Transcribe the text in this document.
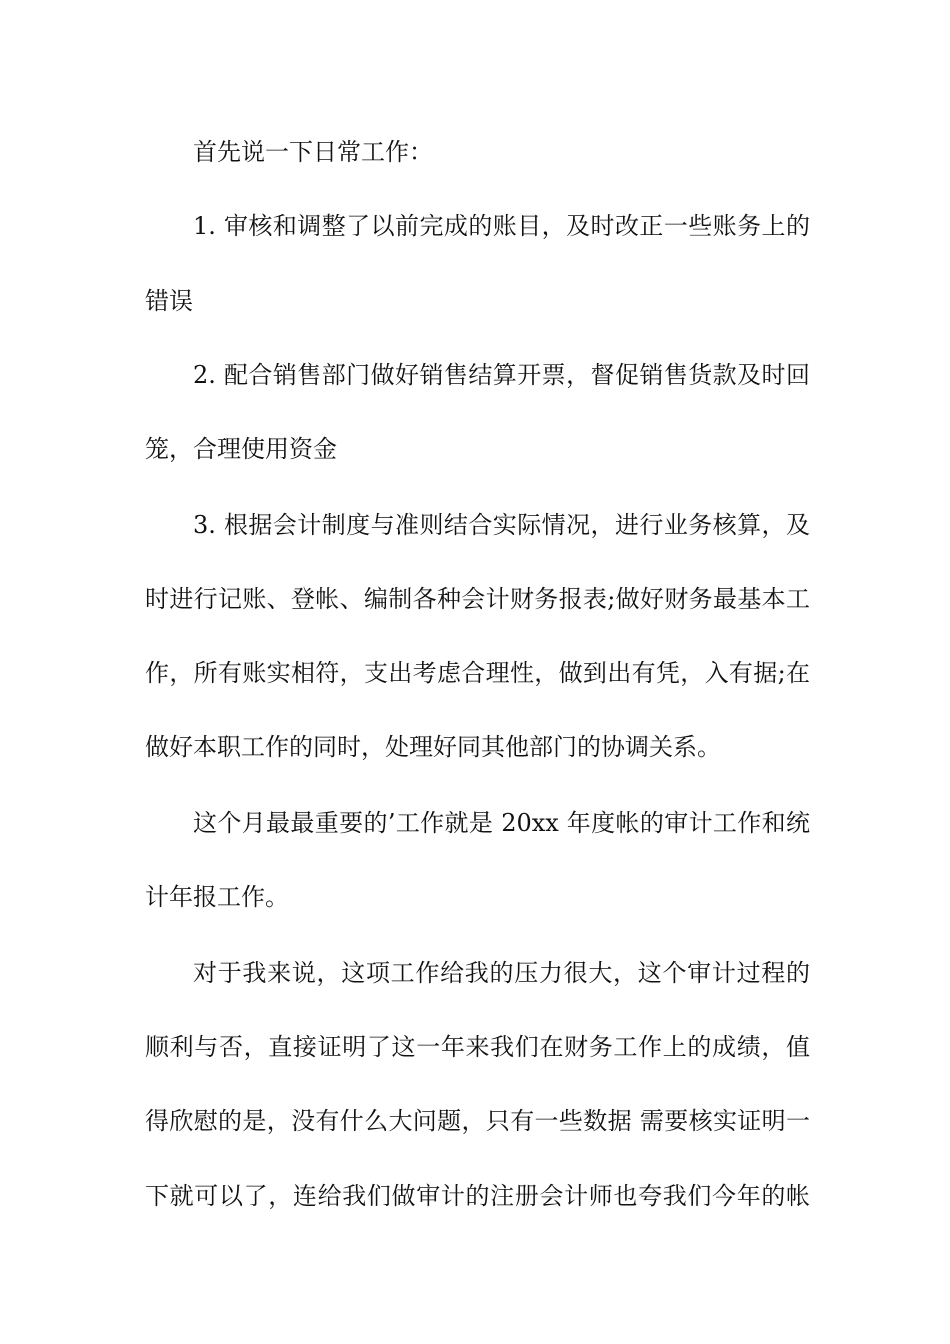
首先说一下日常工作：
1. 审核和调整了以前完成的账目，及时改正一些账务上的
错误
2. 配合销售部门做好销售结算开票，督促销售货款及时回
笼，合理使用资金
3. 根据会计制度与准则结合实际情况，进行业务核算，及
时进行记账、登帐、编制各种会计财务报表;做好财务最基本工
作，所有账实相符，支出考虑合理性，做到出有凭，入有据;在
做好本职工作的同时，处理好同其他部门的协调关系。
这个月最最重要的’工作就是 20xx 年度帐的审计工作和统
计年报工作。
对于我来说，这项工作给我的压力很大，这个审计过程的
顺利与否，直接证明了这一年来我们在财务工作上的成绩，值
得欣慰的是，没有什么大问题，只有一些数据 需要核实证明一
下就可以了，连给我们做审计的注册会计师也夸我们今年的帐
